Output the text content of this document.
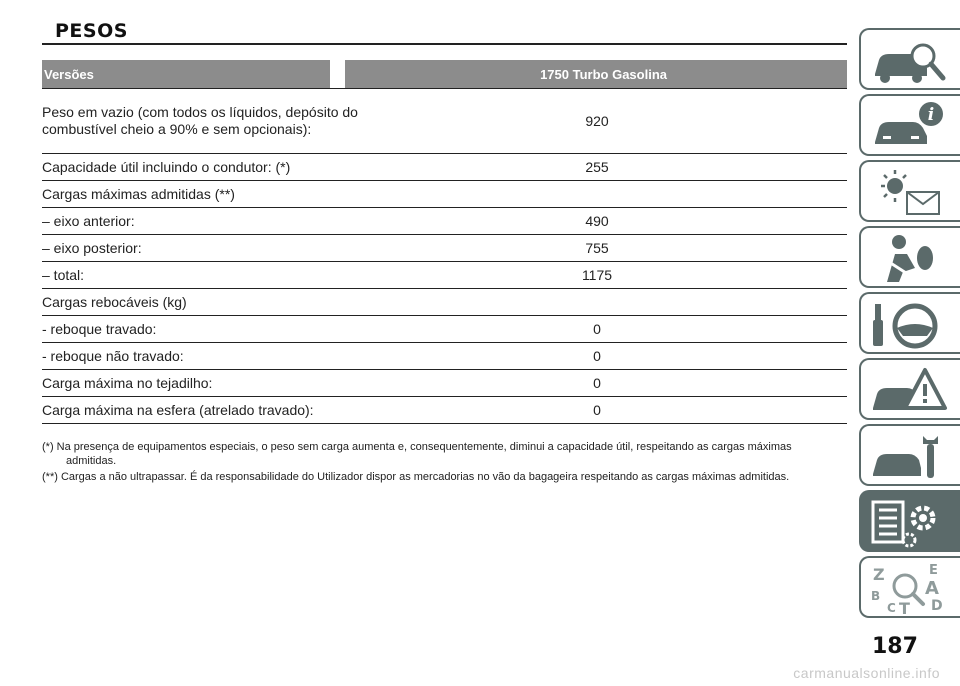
PESOS
Versões	1750 Turbo Gasolina
Peso em vazio (com todos os líquidos, depósito do combustível cheio a 90% e sem opcionais):	920
Capacidade útil incluindo o condutor: (*)	255
Cargas máximas admitidas (**)
– eixo anterior:	490
– eixo posterior:	755
– total:	1175
Cargas rebocáveis (kg)
- reboque travado:	0
- reboque não travado:	0
Carga máxima no tejadilho:	0
Carga máxima na esfera (atrelado travado):	0
(*) Na presença de equipamentos especiais, o peso sem carga aumenta e, consequentemente, diminui a capacidade útil, respeitando as cargas máximas
admitidas.
(**) Cargas a não ultrapassar. É da responsabilidade do Utilizador dispor as mercadorias no vão da bagageira respeitando as cargas máximas admitidas.
i
Z	E
A
B
C T D
187
carmanualsonline.info
